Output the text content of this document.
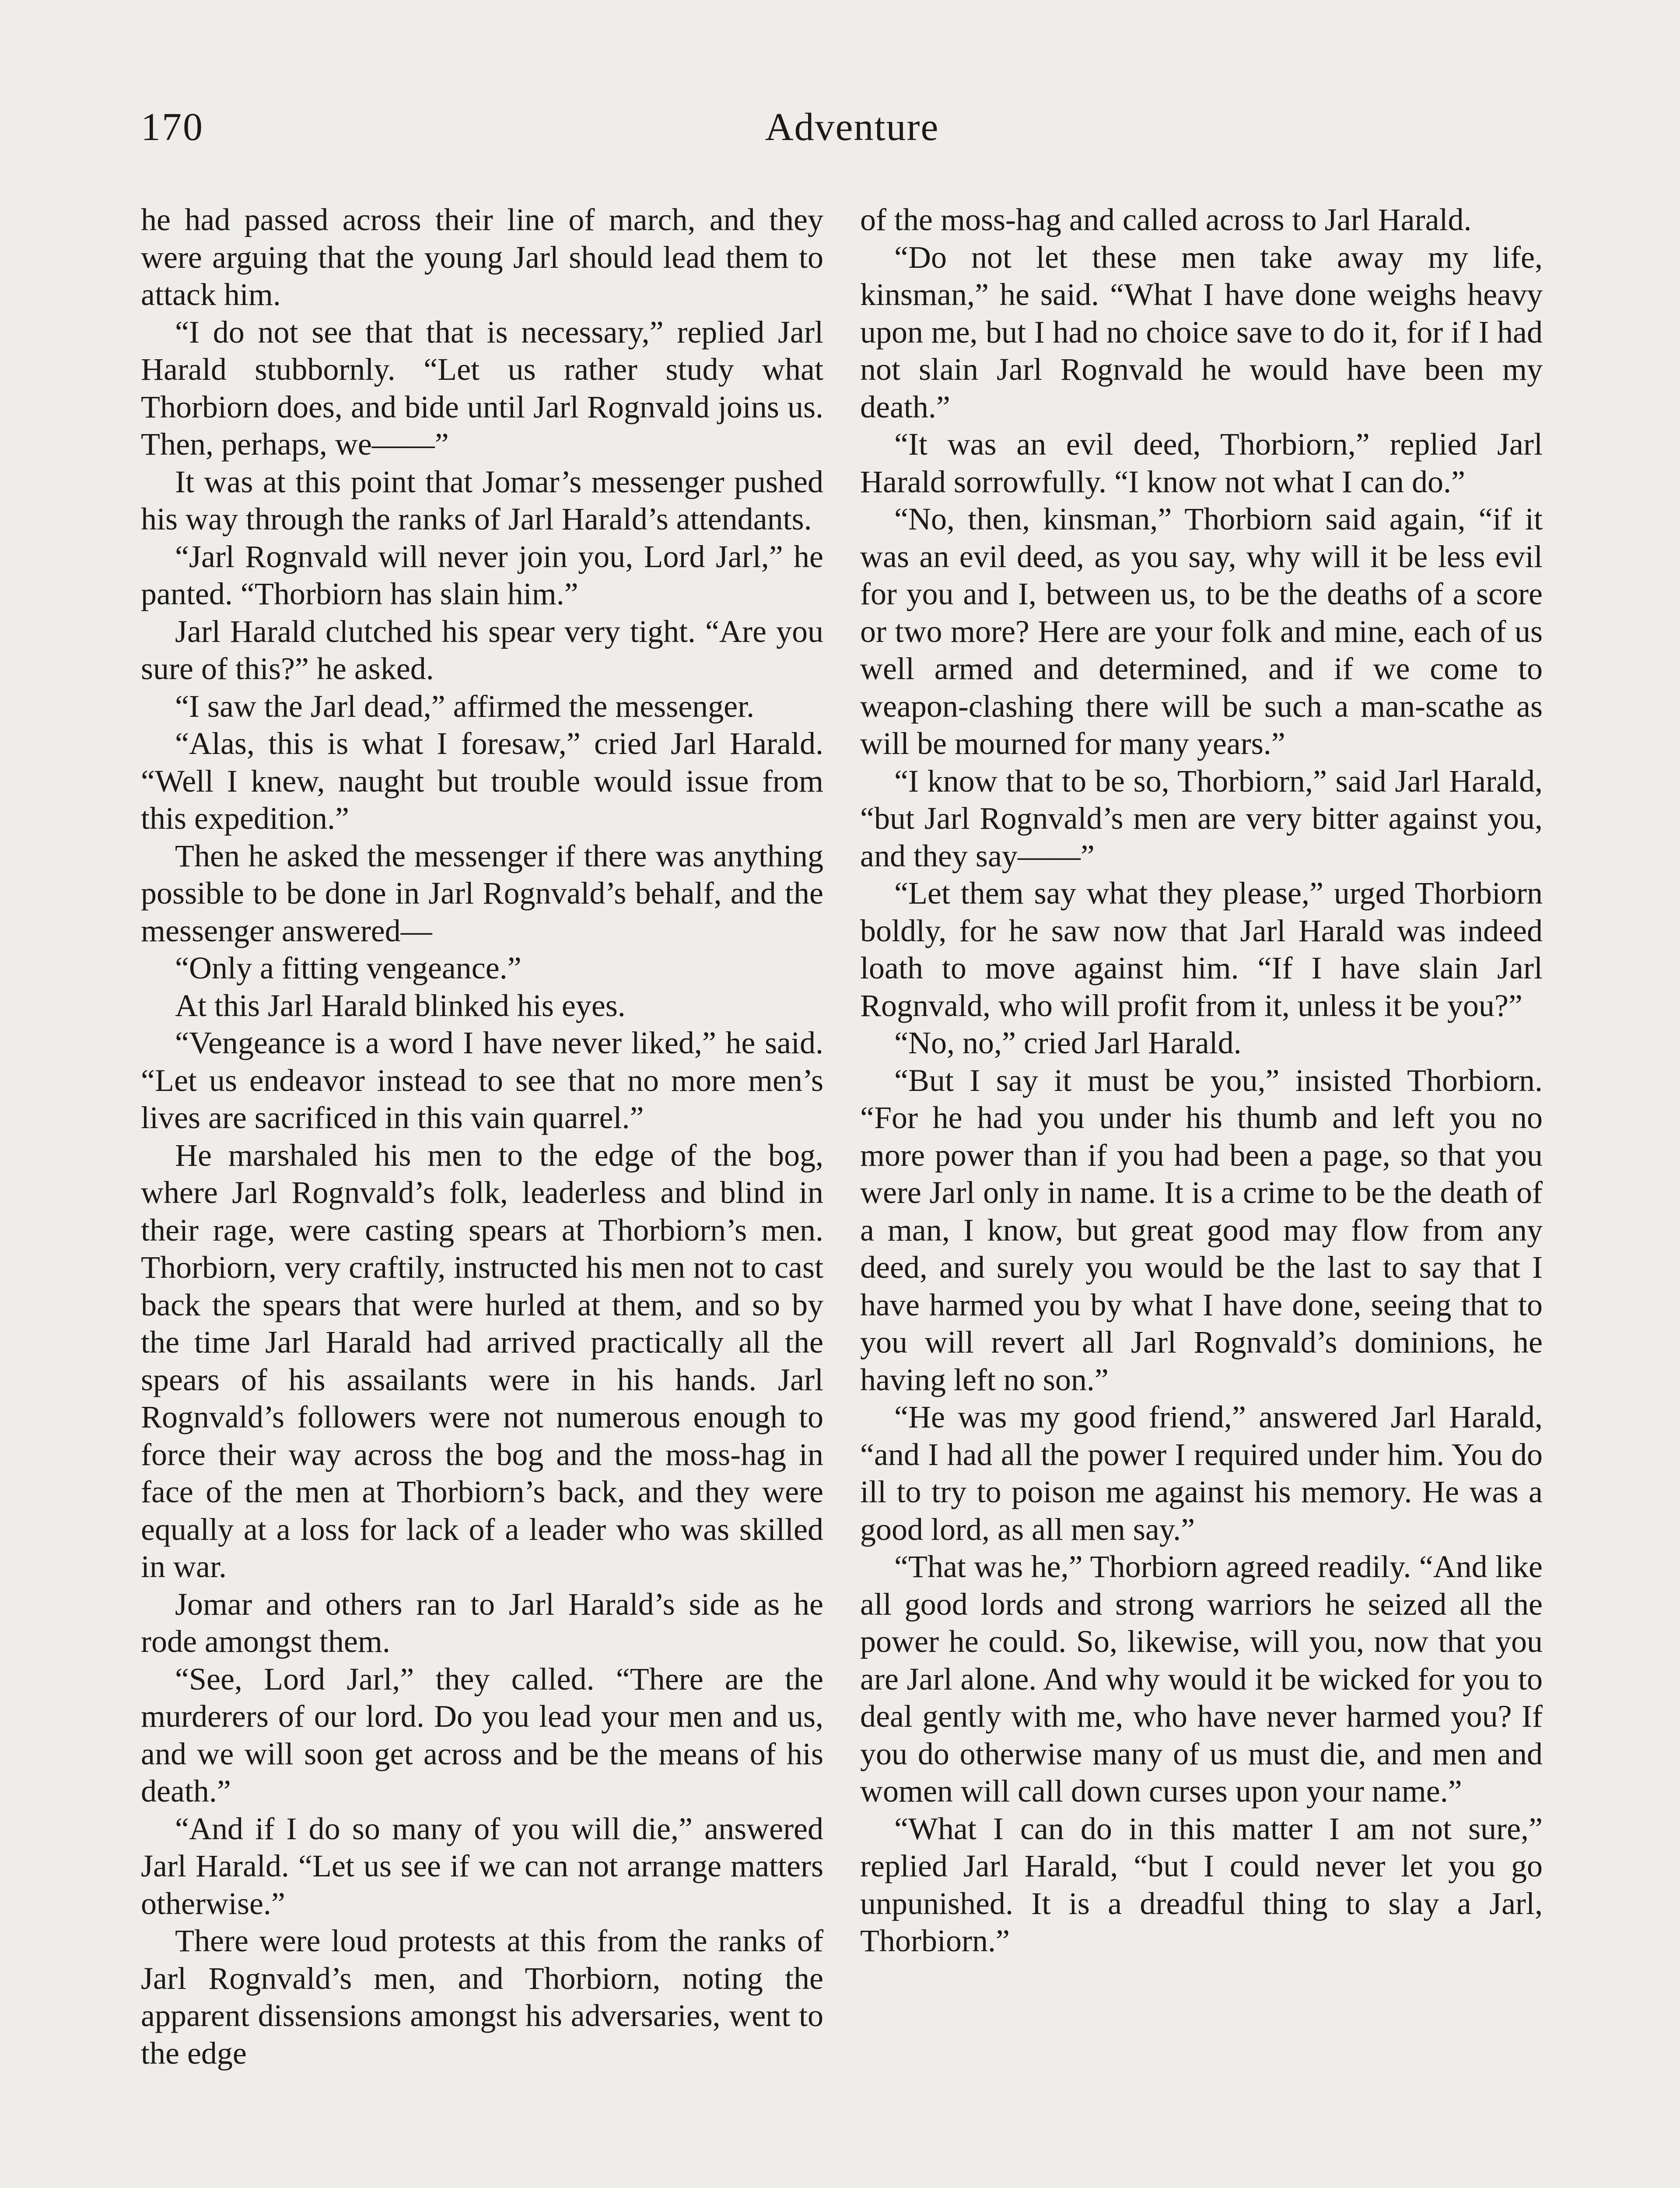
170	Adventure

he had passed across their line of march, and they were arguing that the young Jarl should lead them to attack him.

“I do not see that that is necessary,” replied Jarl Harald stubbornly. “Let us rather study what Thorbiorn does, and bide until Jarl Rognvald joins us. Then, perhaps, we——”

It was at this point that Jomar’s messenger pushed his way through the ranks of Jarl Harald’s attendants.

“Jarl Rognvald will never join you, Lord Jarl,” he panted. “Thorbiorn has slain him.”

Jarl Harald clutched his spear very tight. “Are you sure of this?” he asked.

“I saw the Jarl dead,” affirmed the messenger.

“Alas, this is what I foresaw,” cried Jarl Harald. “Well I knew, naught but trouble would issue from this expedition.”

Then he asked the messenger if there was anything possible to be done in Jarl Rognvald’s behalf, and the messenger answered—

“Only a fitting vengeance.”

At this Jarl Harald blinked his eyes.

“Vengeance is a word I have never liked,” he said. “Let us endeavor instead to see that no more men’s lives are sacrificed in this vain quarrel.”

He marshaled his men to the edge of the bog, where Jarl Rognvald’s folk, leaderless and blind in their rage, were casting spears at Thorbiorn’s men. Thorbiorn, very craftily, instructed his men not to cast back the spears that were hurled at them, and so by the time Jarl Harald had arrived practically all the spears of his assailants were in his hands. Jarl Rognvald’s followers were not numerous enough to force their way across the bog and the moss-hag in face of the men at Thorbiorn’s back, and they were equally at a loss for lack of a leader who was skilled in war.

Jomar and others ran to Jarl Harald’s side as he rode amongst them.

“See, Lord Jarl,” they called. “There are the murderers of our lord. Do you lead your men and us, and we will soon get across and be the means of his death.”

“And if I do so many of you will die,” answered Jarl Harald. “Let us see if we can not arrange matters otherwise.”

There were loud protests at this from the ranks of Jarl Rognvald’s men, and Thorbiorn, noting the apparent dissensions amongst his adversaries, went to the edge

of the moss-hag and called across to Jarl Harald.

“Do not let these men take away my life, kinsman,” he said. “What I have done weighs heavy upon me, but I had no choice save to do it, for if I had not slain Jarl Rognvald he would have been my death.”

“It was an evil deed, Thorbiorn,” replied Jarl Harald sorrowfully. “I know not what I can do.”

“No, then, kinsman,” Thorbiorn said again, “if it was an evil deed, as you say, why will it be less evil for you and I, between us, to be the deaths of a score or two more? Here are your folk and mine, each of us well armed and determined, and if we come to weapon-clashing there will be such a man-scathe as will be mourned for many years.”

“I know that to be so, Thorbiorn,” said Jarl Harald, “but Jarl Rognvald’s men are very bitter against you, and they say——”

“Let them say what they please,” urged Thorbiorn boldly, for he saw now that Jarl Harald was indeed loath to move against him. “If I have slain Jarl Rognvald, who will profit from it, unless it be you?”

“No, no,” cried Jarl Harald.

“But I say it must be you,” insisted Thorbiorn. “For he had you under his thumb and left you no more power than if you had been a page, so that you were Jarl only in name. It is a crime to be the death of a man, I know, but great good may flow from any deed, and surely you would be the last to say that I have harmed you by what I have done, seeing that to you will revert all Jarl Rognvald’s dominions, he having left no son.”

“He was my good friend,” answered Jarl Harald, “and I had all the power I required under him. You do ill to try to poison me against his memory. He was a good lord, as all men say.”

“That was he,” Thorbiorn agreed readily. “And like all good lords and strong warriors he seized all the power he could. So, likewise, will you, now that you are Jarl alone. And why would it be wicked for you to deal gently with me, who have never harmed you? If you do otherwise many of us must die, and men and women will call down curses upon your name.”

“What I can do in this matter I am not sure,” replied Jarl Harald, “but I could never let you go unpunished. It is a dreadful thing to slay a Jarl, Thorbiorn.”
